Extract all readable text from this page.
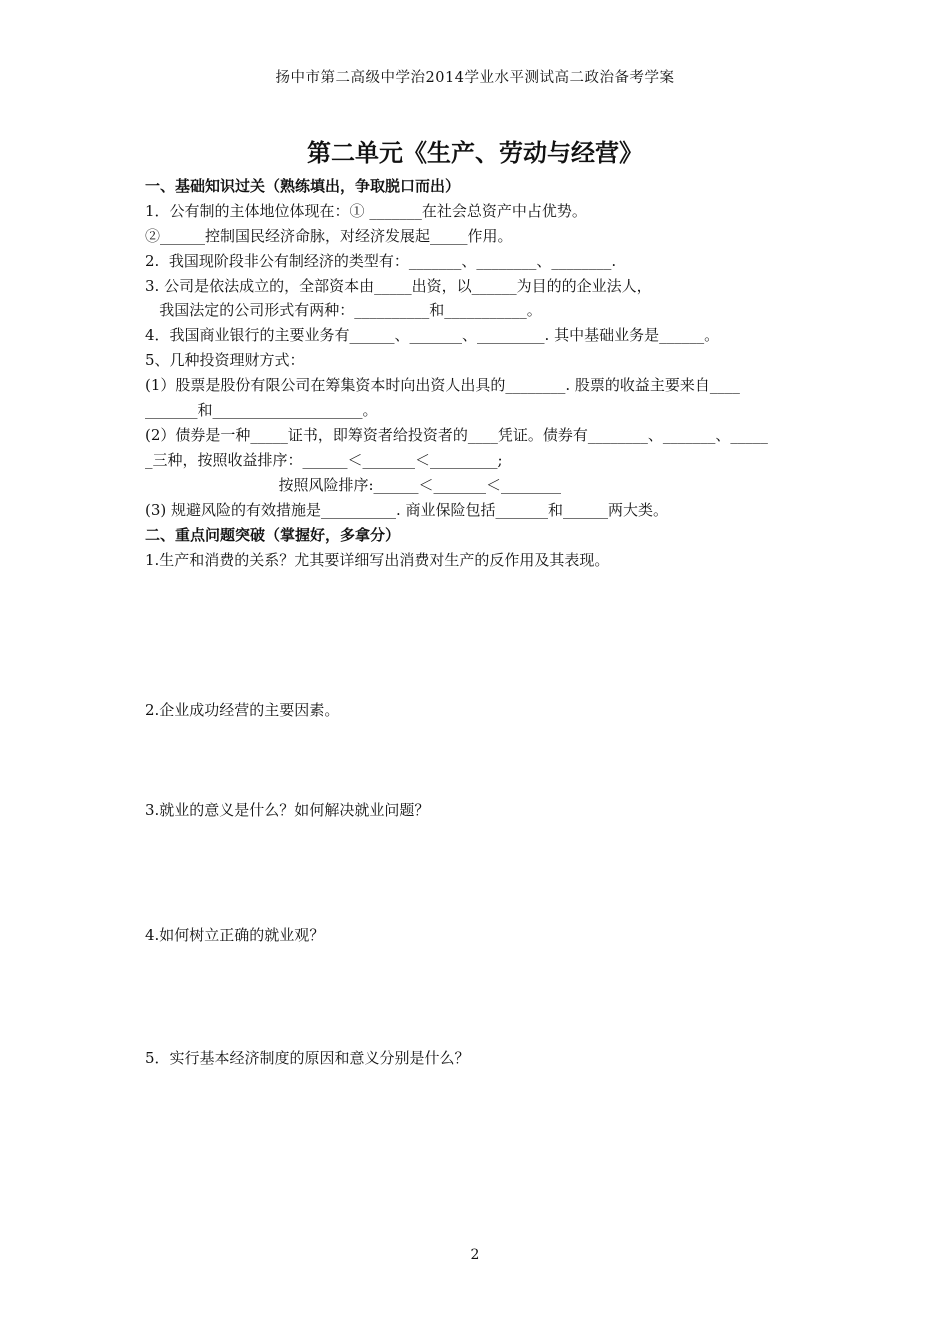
扬中市第二高级中学治2014学业水平测试高二政治备考学案
第二单元《生产、劳动与经营》
一、基础知识过关（熟练填出，争取脱口而出）
1．公有制的主体地位体现在：① _______在社会总资产中占优势。
②______控制国民经济命脉，对经济发展起_____作用。
2.  我国现阶段非公有制经济的类型有：_______、________、________.
3. 公司是依法成立的，全部资本由_____出资，以______为目的的企业法人，
我国法定的公司形式有两种：__________和___________。
4．我国商业银行的主要业务有______、_______、_________. 其中基础业务是______。
5、几种投资理财方式：
(1）股票是股份有限公司在筹集资本时向出资人出具的________. 股票的收益主要来自____
_______和____________________。
(2）债券是一种_____证书，即筹资者给投资者的____凭证。债券有________、_______、_____
_三种，按照收益排序：______＜_______＜_________;
按照风险排序:______＜_______＜________
(3) 规避风险的有效措施是__________. 商业保险包括_______和______两大类。
二、重点问题突破（掌握好，多拿分）
1.生产和消费的关系？尤其要详细写出消费对生产的反作用及其表现。
2.企业成功经营的主要因素。
3.就业的意义是什么？如何解决就业问题？
4.如何树立正确的就业观？
5．实行基本经济制度的原因和意义分别是什么？
2
